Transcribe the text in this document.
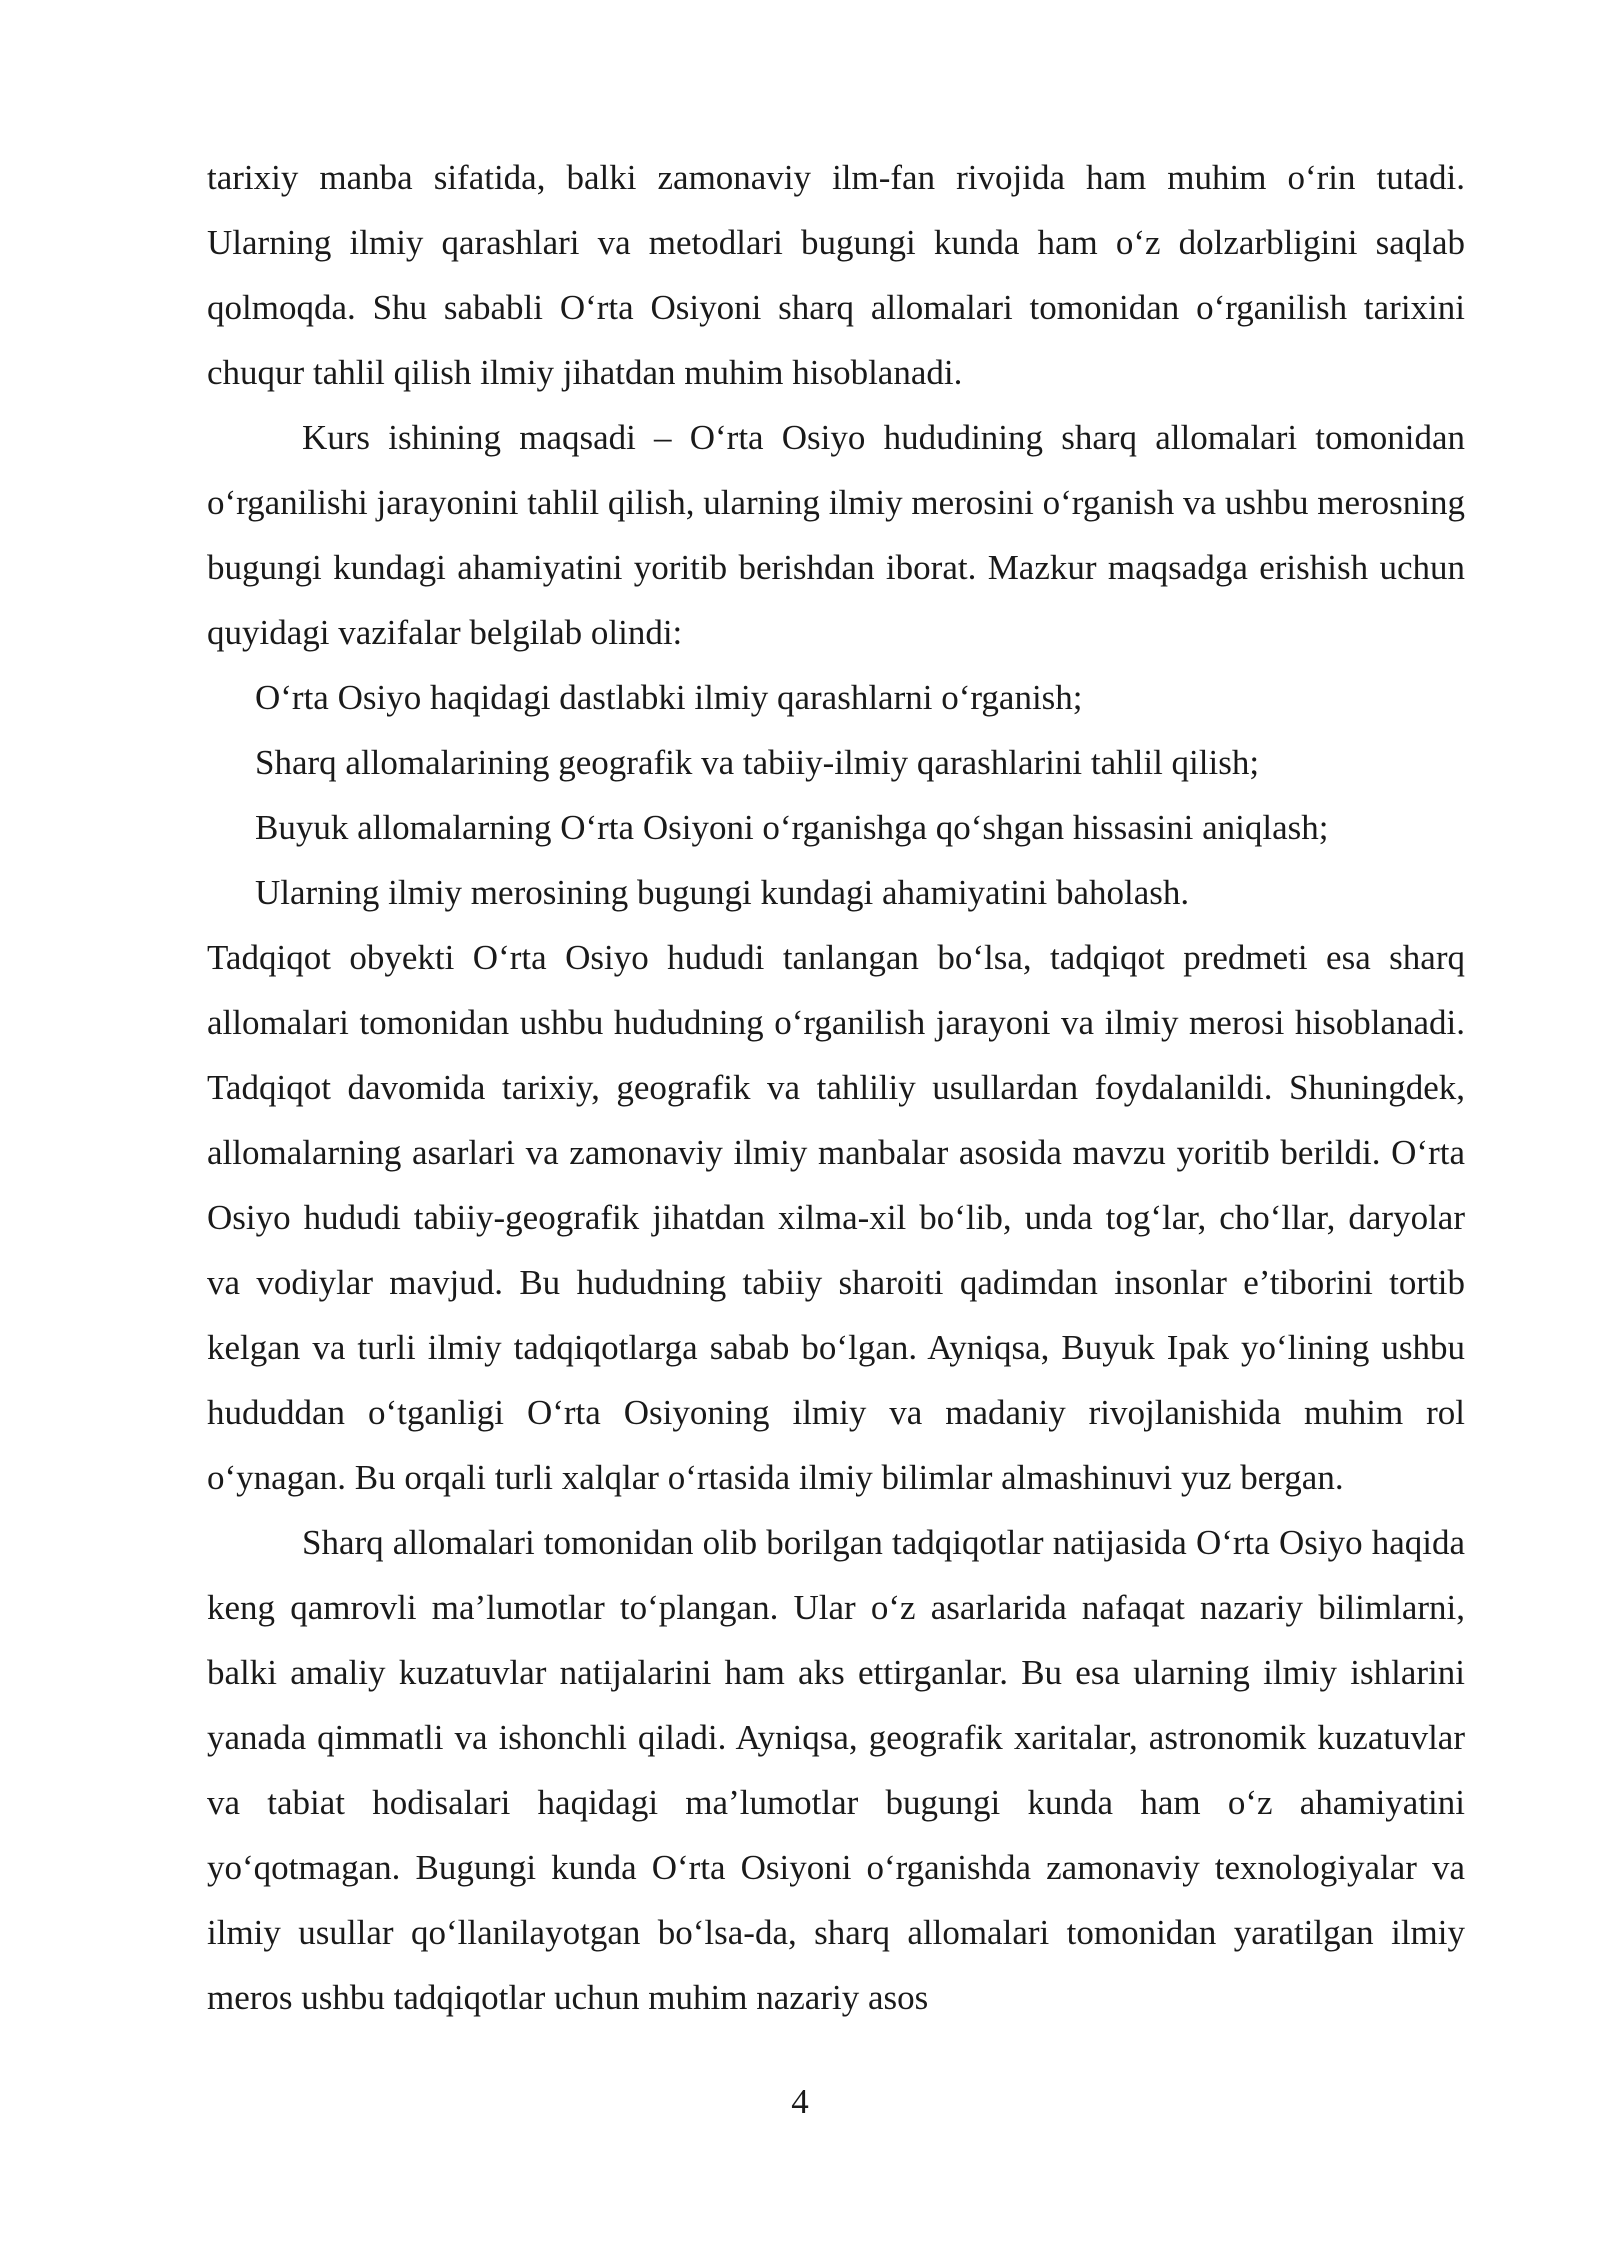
tarixiy manba sifatida, balki zamonaviy ilm-fan rivojida ham muhim o‘rin tutadi. Ularning ilmiy qarashlari va metodlari bugungi kunda ham o‘z dolzarbligini saqlab qolmoqda. Shu sababli O‘rta Osiyoni sharq allomalari tomonidan o‘rganilish tarixini chuqur tahlil qilish ilmiy jihatdan muhim hisoblanadi.

Kurs ishining maqsadi – O‘rta Osiyo hududining sharq allomalari tomonidan o‘rganilishi jarayonini tahlil qilish, ularning ilmiy merosini o‘rganish va ushbu merosning bugungi kundagi ahamiyatini yoritib berishdan iborat. Mazkur maqsadga erishish uchun quyidagi vazifalar belgilab olindi:

O‘rta Osiyo haqidagi dastlabki ilmiy qarashlarni o‘rganish;

Sharq allomalarining geografik va tabiiy-ilmiy qarashlarini tahlil qilish;

Buyuk allomalarning O‘rta Osiyoni o‘rganishga qo‘shgan hissasini aniqlash;

Ularning ilmiy merosining bugungi kundagi ahamiyatini baholash.

Tadqiqot obyekti O‘rta Osiyo hududi tanlangan bo‘lsa, tadqiqot predmeti esa sharq allomalari tomonidan ushbu hududning o‘rganilish jarayoni va ilmiy merosi hisoblanadi. Tadqiqot davomida tarixiy, geografik va tahliliy usullardan foydalanildi. Shuningdek, allomalarning asarlari va zamonaviy ilmiy manbalar asosida mavzu yoritib berildi. O‘rta Osiyo hududi tabiiy-geografik jihatdan xilma-xil bo‘lib, unda tog‘lar, cho‘llar, daryolar va vodiylar mavjud. Bu hududning tabiiy sharoiti qadimdan insonlar e’tiborini tortib kelgan va turli ilmiy tadqiqotlarga sabab bo‘lgan. Ayniqsa, Buyuk Ipak yo‘lining ushbu hududdan o‘tganligi O‘rta Osiyoning ilmiy va madaniy rivojlanishida muhim rol o‘ynagan. Bu orqali turli xalqlar o‘rtasida ilmiy bilimlar almashinuvi yuz bergan.

Sharq allomalari tomonidan olib borilgan tadqiqotlar natijasida O‘rta Osiyo haqida keng qamrovli ma’lumotlar to‘plangan. Ular o‘z asarlarida nafaqat nazariy bilimlarni, balki amaliy kuzatuvlar natijalarini ham aks ettirganlar. Bu esa ularning ilmiy ishlarini yanada qimmatli va ishonchli qiladi. Ayniqsa, geografik xaritalar, astronomik kuzatuvlar va tabiat hodisalari haqidagi ma’lumotlar bugungi kunda ham o‘z ahamiyatini yo‘qotmagan. Bugungi kunda O‘rta Osiyoni o‘rganishda zamonaviy texnologiyalar va ilmiy usullar qo‘llanilayotgan bo‘lsa-da, sharq allomalari tomonidan yaratilgan ilmiy meros ushbu tadqiqotlar uchun muhim nazariy asos

4
